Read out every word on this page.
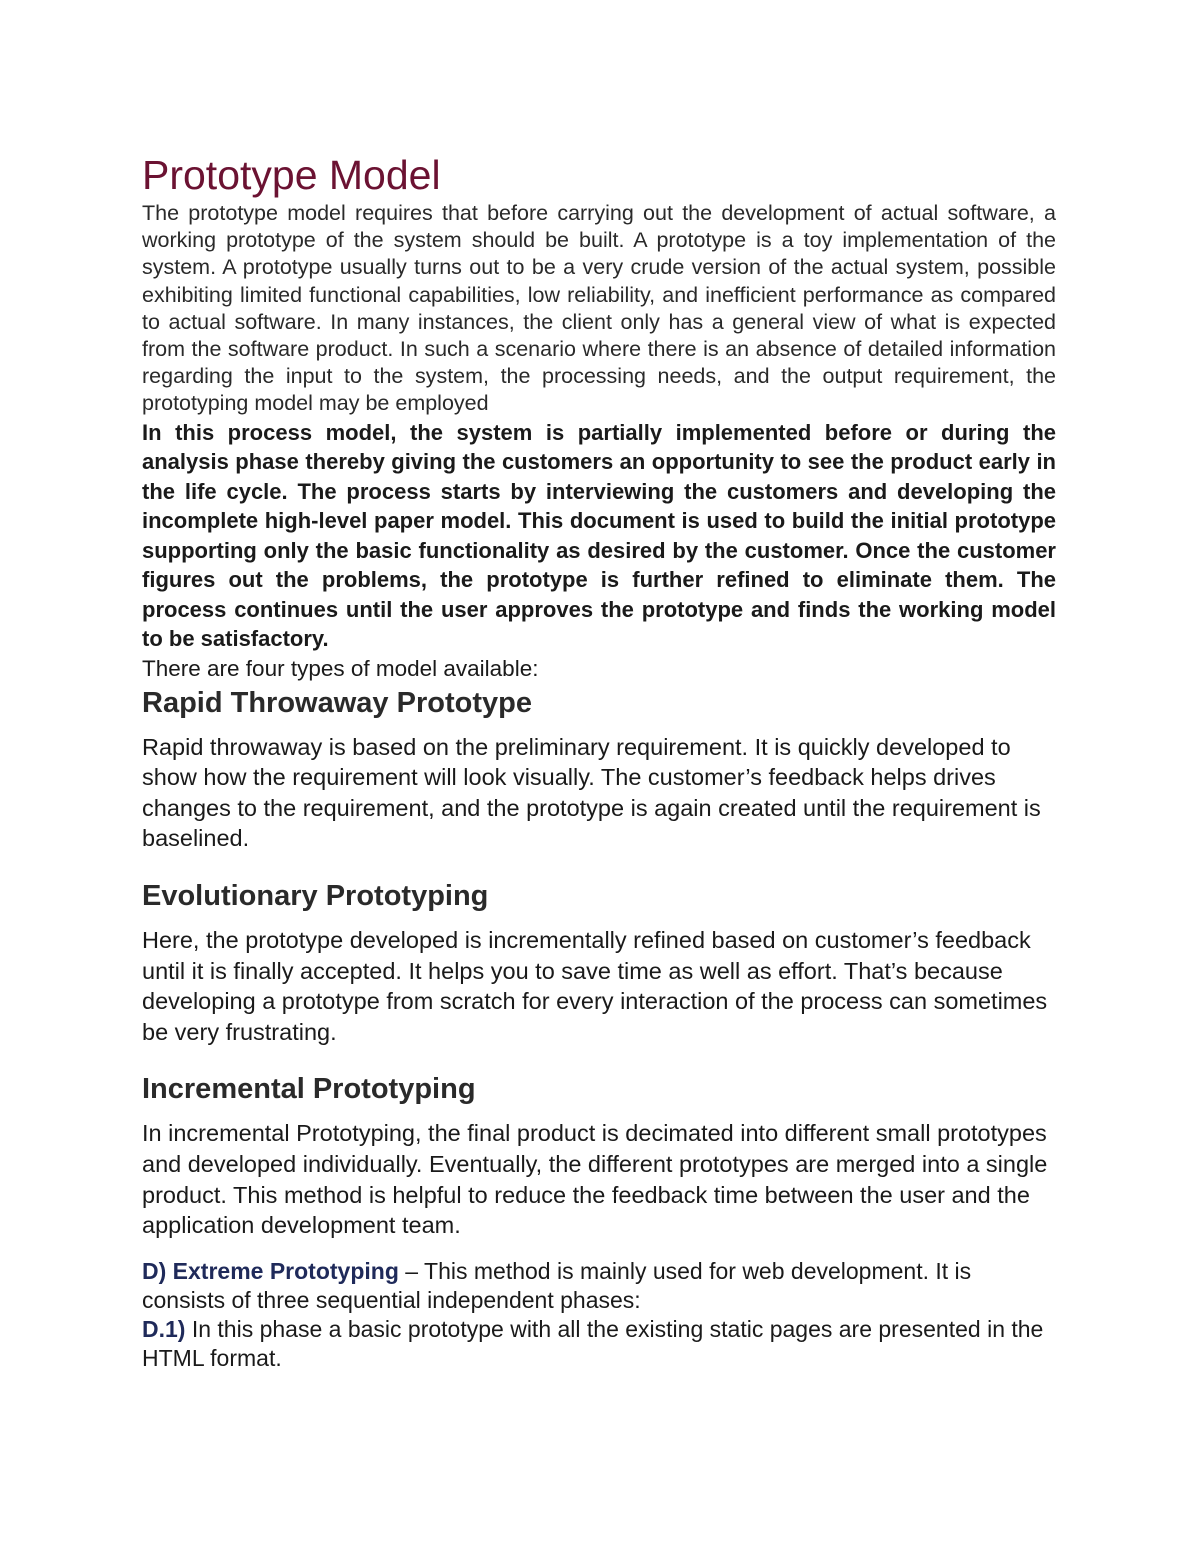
Prototype Model

The prototype model requires that before carrying out the development of actual software, a working prototype of the system should be built. A prototype is a toy implementation of the system. A prototype usually turns out to be a very crude version of the actual system, possible exhibiting limited functional capabilities, low reliability, and inefficient performance as compared to actual software. In many instances, the client only has a general view of what is expected from the software product. In such a scenario where there is an absence of detailed information regarding the input to the system, the processing needs, and the output requirement, the prototyping model may be employed

In this process model, the system is partially implemented before or during the analysis phase thereby giving the customers an opportunity to see the product early in the life cycle. The process starts by interviewing the customers and developing the incomplete high-level paper model. This document is used to build the initial prototype supporting only the basic functionality as desired by the customer. Once the customer figures out the problems, the prototype is further refined to eliminate them. The process continues until the user approves the prototype and finds the working model to be satisfactory.

There are four types of model available:

Rapid Throwaway Prototype

Rapid throwaway is based on the preliminary requirement. It is quickly developed to show how the requirement will look visually. The customer’s feedback helps drives changes to the requirement, and the prototype is again created until the requirement is baselined.

Evolutionary Prototyping

Here, the prototype developed is incrementally refined based on customer’s feedback until it is finally accepted. It helps you to save time as well as effort. That’s because developing a prototype from scratch for every interaction of the process can sometimes be very frustrating.

Incremental Prototyping

In incremental Prototyping, the final product is decimated into different small prototypes and developed individually. Eventually, the different prototypes are merged into a single product. This method is helpful to reduce the feedback time between the user and the application development team.

D) Extreme Prototyping – This method is mainly used for web development. It is consists of three sequential independent phases:

D.1) In this phase a basic prototype with all the existing static pages are presented in the HTML format.
